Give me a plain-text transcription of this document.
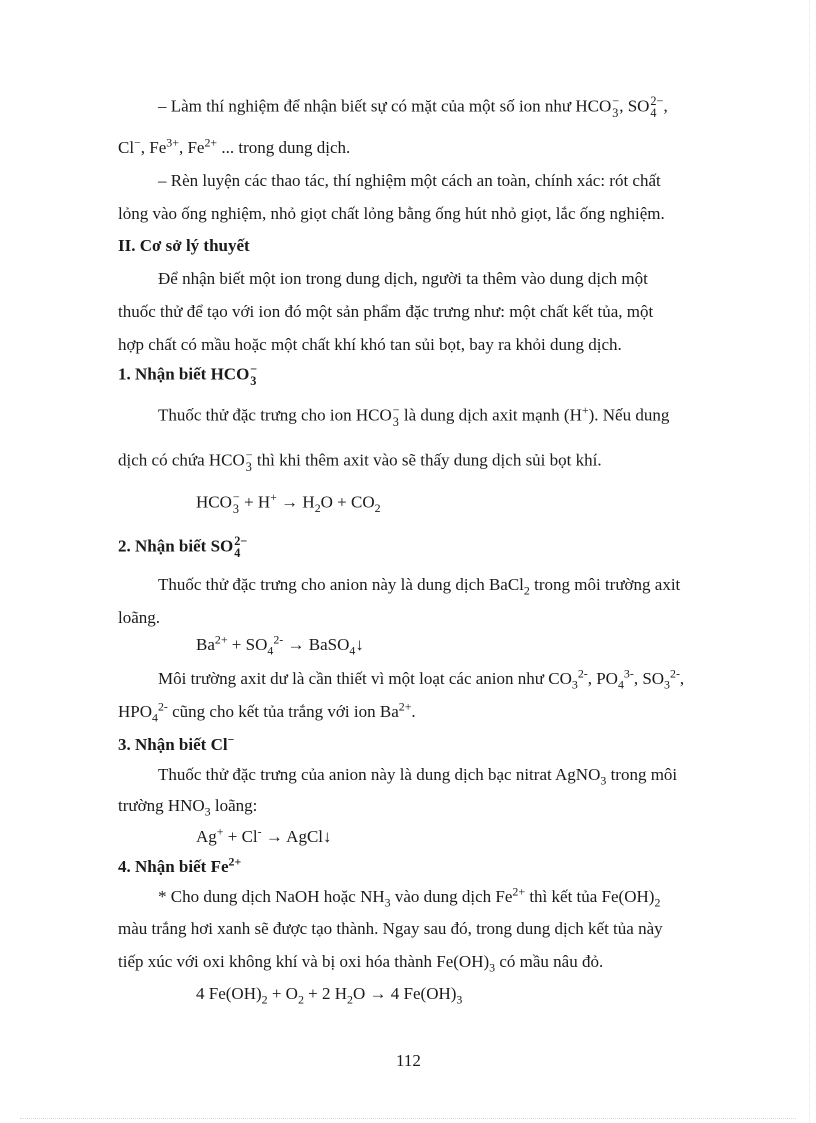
– Làm thí nghiệm để nhận biết sự có mặt của một số ion như HCO −
3 , SO 2−
4 ,
Cl−, $Fe^{3+}$, $Fe^{2+}$ ... trong dung dịch.
– Rèn luyện các thao tác, thí nghiệm một cách an toàn, chính xác: rót chất
lỏng vào ống nghiệm, nhỏ giọt chất lỏng bằng ống hút nhỏ giọt, lắc ống nghiệm.
II. Cơ sở lý thuyết
Để nhận biết một ion trong dung dịch, người ta thêm vào dung dịch một
thuốc thử để tạo với ion đó một sản phẩm đặc trưng như: một chất kết tủa, một
hợp chất có mầu hoặc một chất khí khó tan sủi bọt, bay ra khỏi dung dịch.
1. Nhận biết HCO −
3
Thuốc thử đặc trưng cho ion HCO −
3 là dung dịch axit mạnh (H+). Nếu dung
dịch có chứa HCO −
3 thì khi thêm axit vào sẽ thấy dung dịch sủi bọt khí.
HCO −
$3 + H^+ \to H_2O + CO_2$
2. Nhận biết SO 2−
4
Thuốc thử đặc trưng cho anion này là dung dịch BaCl$_2$ trong môi trường axit
loãng.
$Ba^{2+} + SO_4^{2-}$ → BaSO$_4$↓
Môi trường axit dư là cần thiết vì một loạt các anion như $CO_3^{2-}$, $PO_4^{3-}$, $SO_3^{2-}$,
$HPO_4^{2-}$ cũng cho kết tủa trắng với ion $Ba^{2+}$.
3. Nhận biết Cl−
Thuốc thử đặc trưng của anion này là dung dịch bạc nitrat AgNO$_3$ trong môi
trường $HNO_3$ loãng:
Ag+ + Cl- → AgCl↓
4. Nhận biết $Fe^{2+}$
* Cho dung dịch NaOH hoặc $NH_3$ vào dung dịch $Fe^{2+}$ thì kết tủa $Fe(OH)_2$
màu trắng hơi xanh sẽ được tạo thành. Ngay sau đó, trong dung dịch kết tủa này
tiếp xúc với oxi không khí và bị oxi hóa thành $Fe(OH)_3$ có mầu nâu đỏ.
4 $Fe(OH)_2 + O_2 + 2$ $H_2O \to 4$ $Fe(OH)_3$
112
